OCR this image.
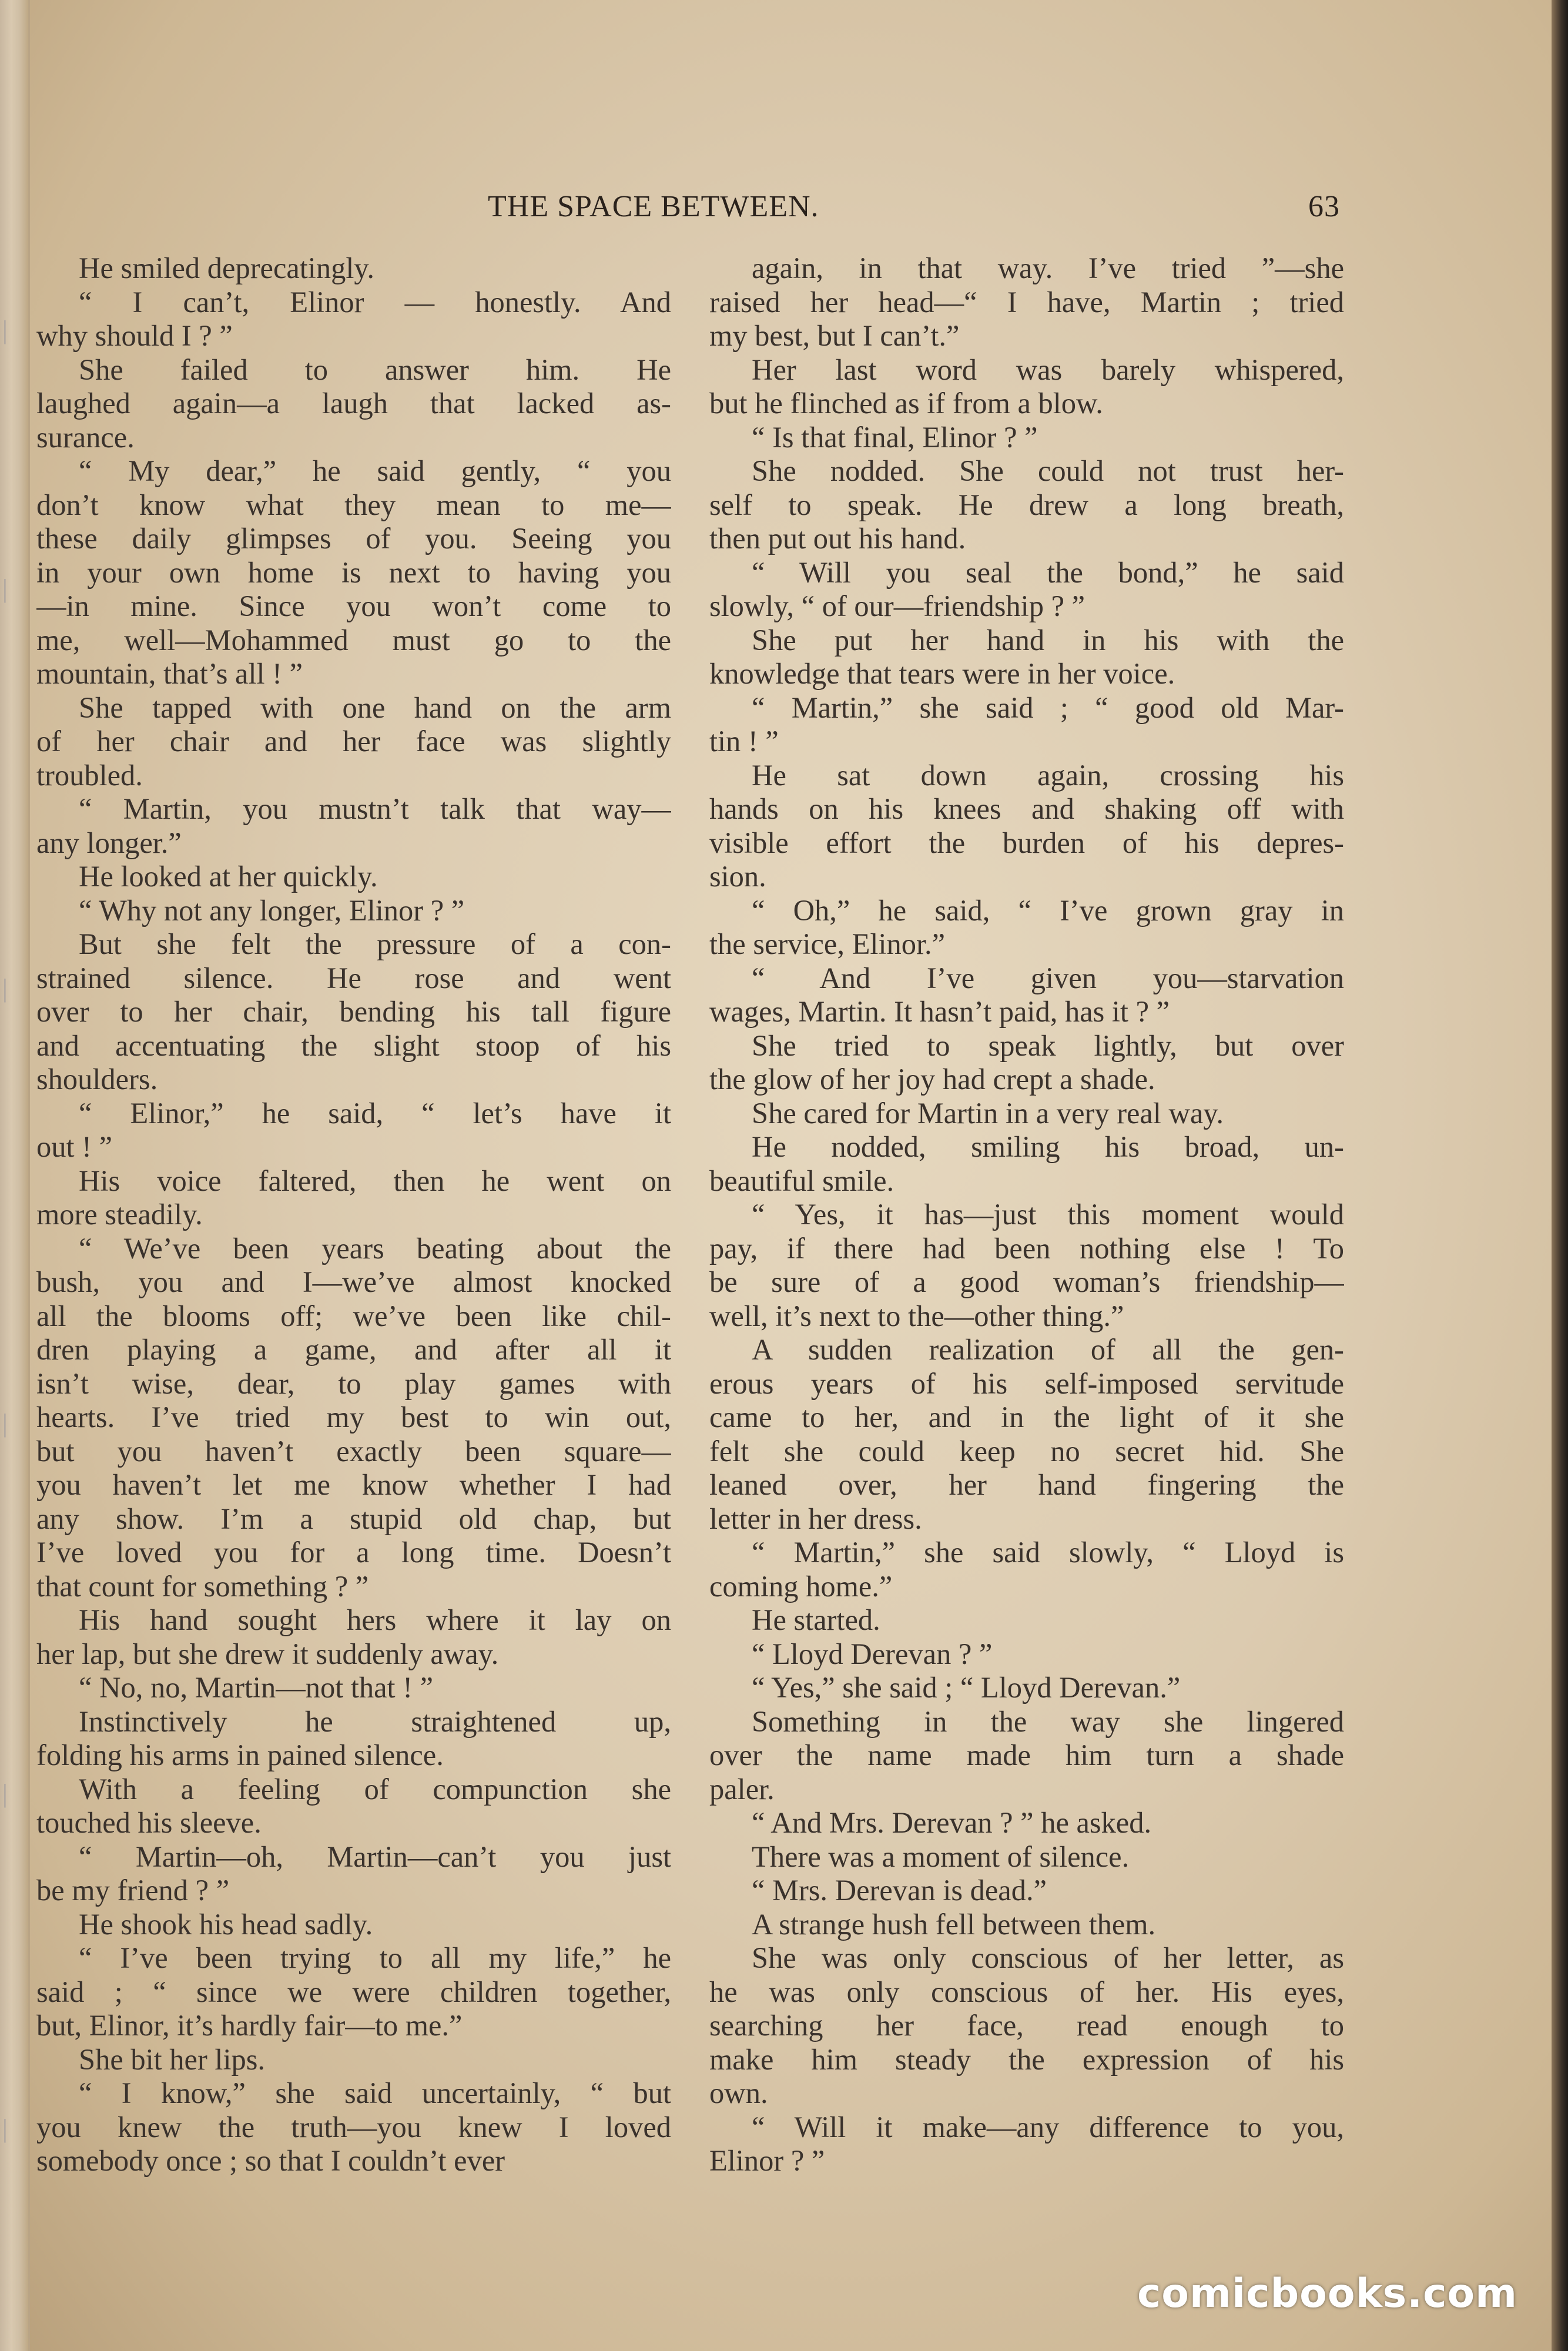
|
|
|
|
|
|
THE SPACE BETWEEN.	63
He smiled deprecatingly.
“ I can’t, Elinor — honestly. And
why should I ? ”
She failed to answer him. He
laughed again—a laugh that lacked as-
surance.
“ My dear,” he said gently, “ you
don’t know what they mean to me—
these daily glimpses of you. Seeing you
in your own home is next to having you
—in mine. Since you won’t come to
me, well—Mohammed must go to the
mountain, that’s all ! ”
She tapped with one hand on the arm
of her chair and her face was slightly
troubled.
“ Martin, you mustn’t talk that way—
any longer.”
He looked at her quickly.
“ Why not any longer, Elinor ? ”
But she felt the pressure of a con-
strained silence. He rose and went
over to her chair, bending his tall figure
and accentuating the slight stoop of his
shoulders.
“ Elinor,” he said, “ let’s have it
out ! ”
His voice faltered, then he went on
more steadily.
“ We’ve been years beating about the
bush, you and I—we’ve almost knocked
all the blooms off; we’ve been like chil-
dren playing a game, and after all it
isn’t wise, dear, to play games with
hearts. I’ve tried my best to win out,
but you haven’t exactly been square—
you haven’t let me know whether I had
any show. I’m a stupid old chap, but
I’ve loved you for a long time. Doesn’t
that count for something ? ”
His hand sought hers where it lay on
her lap, but she drew it suddenly away.
“ No, no, Martin—not that ! ”
Instinctively he straightened up,
folding his arms in pained silence.
With a feeling of compunction she
touched his sleeve.
“ Martin—oh, Martin—can’t you just
be my friend ? ”
He shook his head sadly.
“ I’ve been trying to all my life,” he
said ; “ since we were children together,
but, Elinor, it’s hardly fair—to me.”
She bit her lips.
“ I know,” she said uncertainly, “ but
you knew the truth—you knew I loved
somebody once ; so that I couldn’t ever
again, in that way. I’ve tried ”—she
raised her head—“ I have, Martin ; tried
my best, but I can’t.”
Her last word was barely whispered,
but he flinched as if from a blow.
“ Is that final, Elinor ? ”
She nodded. She could not trust her-
self to speak. He drew a long breath,
then put out his hand.
“ Will you seal the bond,” he said
slowly, “ of our—friendship ? ”
She put her hand in his with the
knowledge that tears were in her voice.
“ Martin,” she said ; “ good old Mar-
tin ! ”
He sat down again, crossing his
hands on his knees and shaking off with
visible effort the burden of his depres-
sion.
“ Oh,” he said, “ I’ve grown gray in
the service, Elinor.”
“ And I’ve given you—starvation
wages, Martin. It hasn’t paid, has it ? ”
She tried to speak lightly, but over
the glow of her joy had crept a shade.
She cared for Martin in a very real way.
He nodded, smiling his broad, un-
beautiful smile.
“ Yes, it has—just this moment would
pay, if there had been nothing else ! To
be sure of a good woman’s friendship—
well, it’s next to the—other thing.”
A sudden realization of all the gen-
erous years of his self-imposed servitude
came to her, and in the light of it she
felt she could keep no secret hid. She
leaned over, her hand fingering the
letter in her dress.
“ Martin,” she said slowly, “ Lloyd is
coming home.”
He started.
“ Lloyd Derevan ? ”
“ Yes,” she said ; “ Lloyd Derevan.”
Something in the way she lingered
over the name made him turn a shade
paler.
“ And Mrs. Derevan ? ” he asked.
There was a moment of silence.
“ Mrs. Derevan is dead.”
A strange hush fell between them.
She was only conscious of her letter, as
he was only conscious of her. His eyes,
searching her face, read enough to
make him steady the expression of his
own.
“ Will it make—any difference to you,
Elinor ? ”
comicbooks.com
